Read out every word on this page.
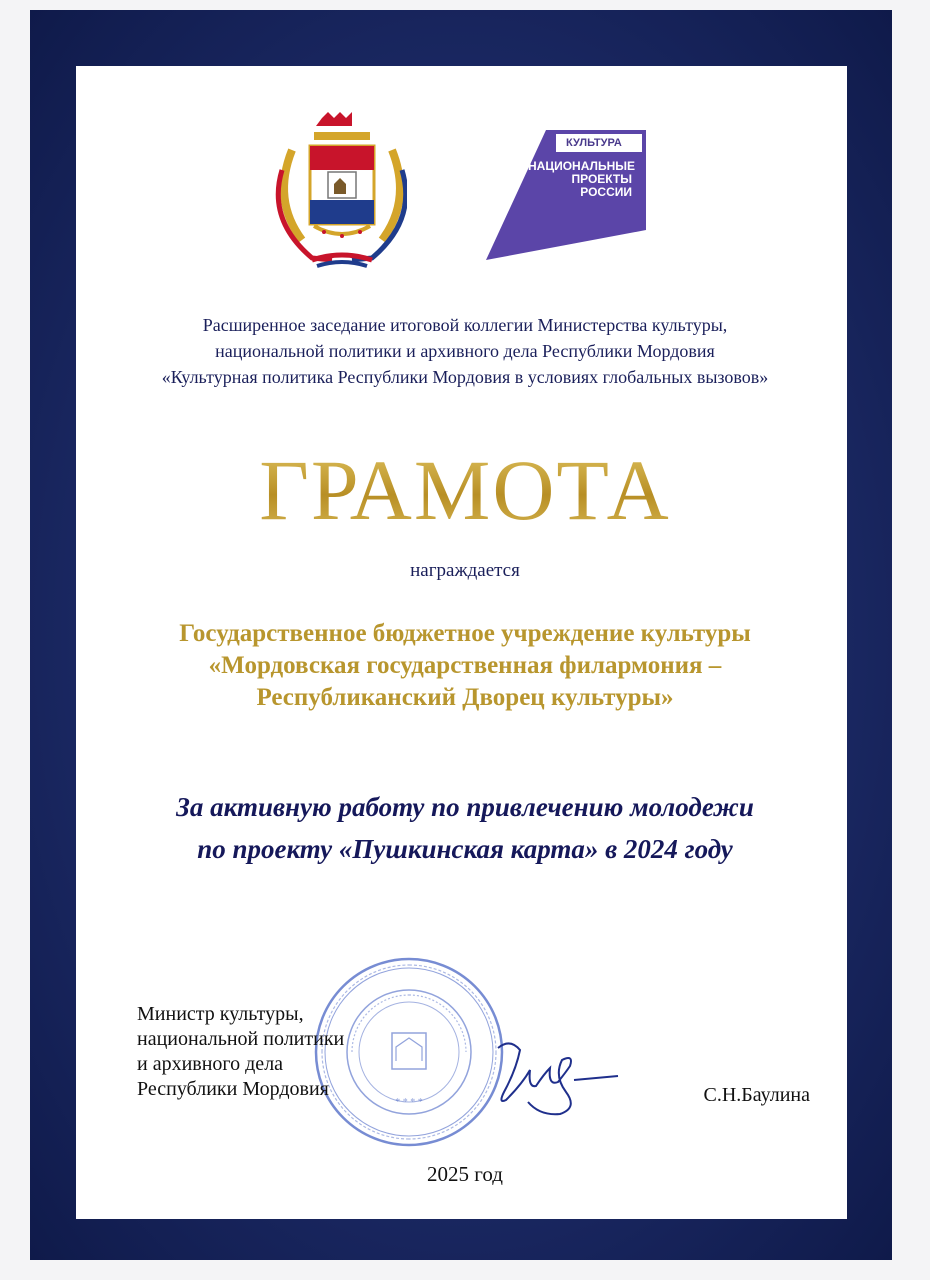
КУЛЬТУРА
НАЦИОНАЛЬНЫЕ
ПРОЕКТЫ
РОССИИ
Расширенное заседание итоговой коллегии Министерства культуры,
национальной политики и архивного дела Республики Мордовия
«Культурная политика Республики Мордовия в условиях глобальных вызовов»
ГРАМОТА
награждается
Государственное бюджетное учреждение культуры
«Мордовская государственная филармония –
Республиканский Дворец культуры»
За активную работу по привлечению молодежи
по проекту «Пушкинская карта» в 2024 году
* * * *
Министр культуры,
национальной политики
и архивного дела
Республики Мордовия	С.Н.Баулина
2025 год
